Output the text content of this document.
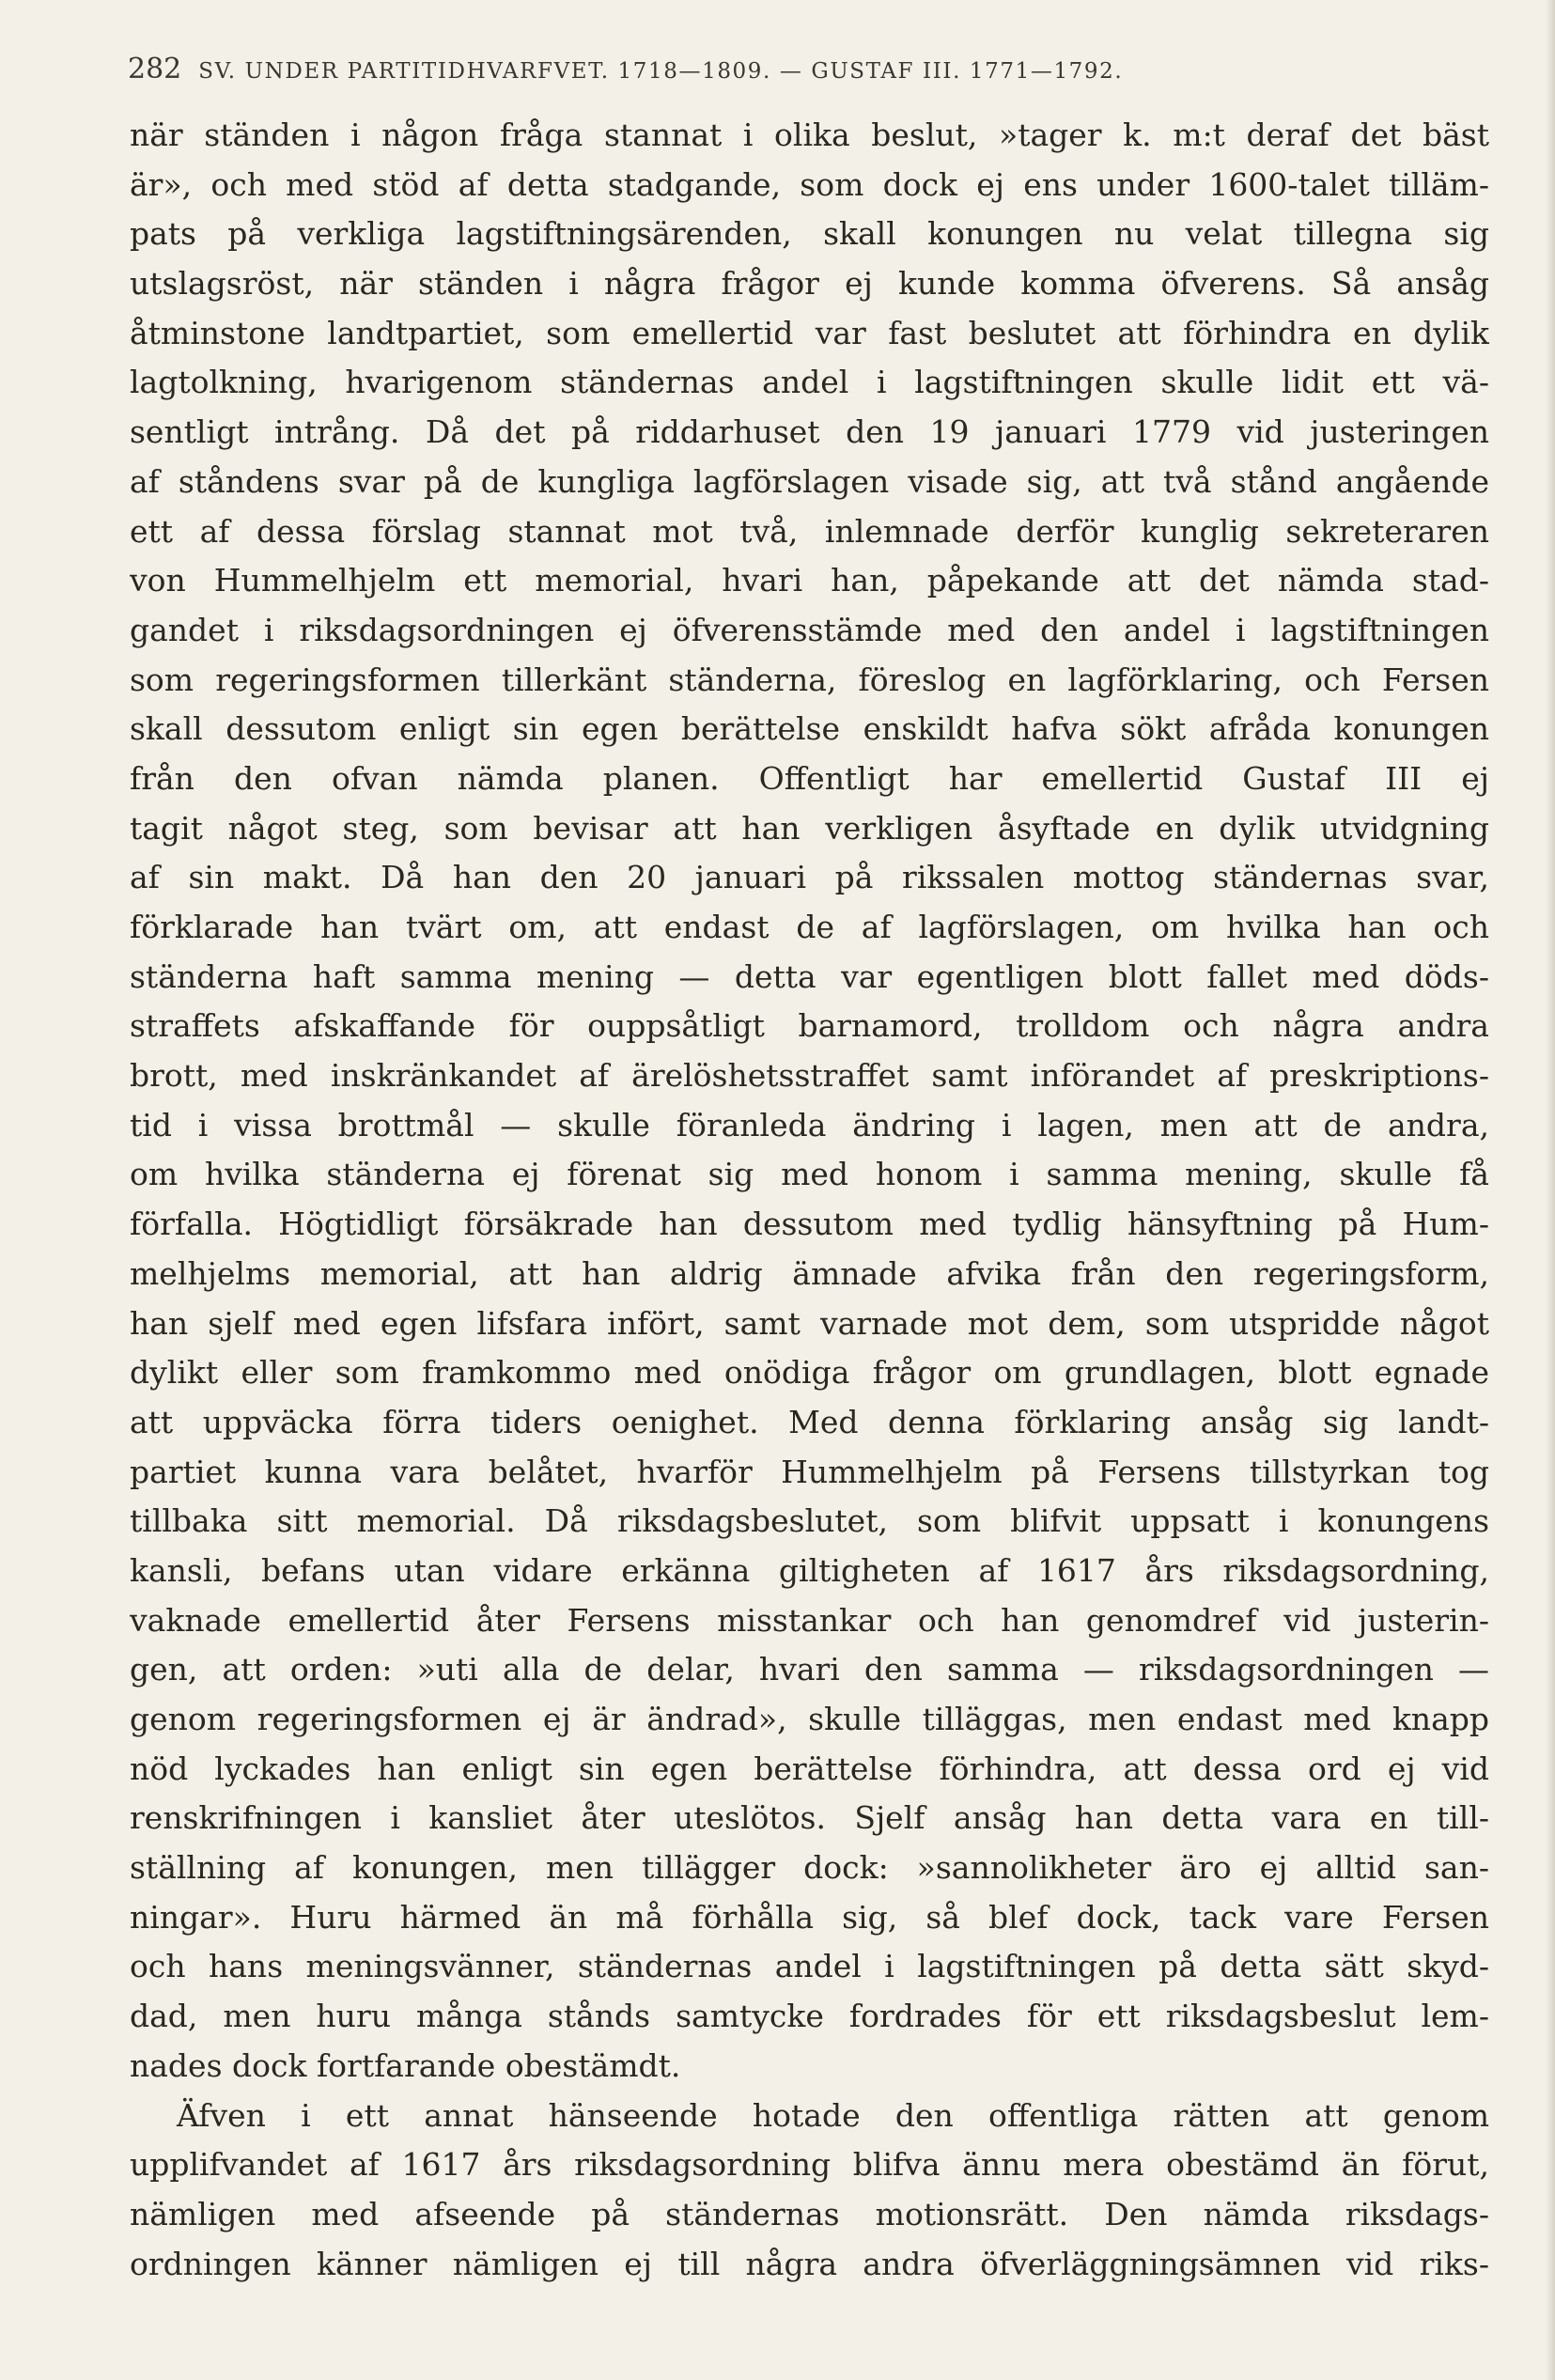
282 SV. UNDER PARTITIDHVARFVET. 1718—1809. — GUSTAF III. 1771—1792.
när ständen i någon fråga stannat i olika beslut, »tager k. m:t deraf det bäst
är», och med stöd af detta stadgande, som dock ej ens under 1600-talet tilläm-
pats på verkliga lagstiftningsärenden, skall konungen nu velat tillegna sig
utslagsröst, när ständen i några frågor ej kunde komma öfverens. Så ansåg
åtminstone landtpartiet, som emellertid var fast beslutet att förhindra en dylik
lagtolkning, hvarigenom ständernas andel i lagstiftningen skulle lidit ett vä-
sentligt intrång. Då det på riddarhuset den 19 januari 1779 vid justeringen
af ståndens svar på de kungliga lagförslagen visade sig, att två stånd angående
ett af dessa förslag stannat mot två, inlemnade derför kunglig sekreteraren
von Hummelhjelm ett memorial, hvari han, påpekande att det nämda stad-
gandet i riksdagsordningen ej öfverensstämde med den andel i lagstiftningen
som regeringsformen tillerkänt ständerna, föreslog en lagförklaring, och Fersen
skall dessutom enligt sin egen berättelse enskildt hafva sökt afråda konungen
från den ofvan nämda planen. Offentligt har emellertid Gustaf III ej
tagit något steg, som bevisar att han verkligen åsyftade en dylik utvidgning
af sin makt. Då han den 20 januari på rikssalen mottog ständernas svar,
förklarade han tvärt om, att endast de af lagförslagen, om hvilka han och
ständerna haft samma mening — detta var egentligen blott fallet med döds-
straffets afskaffande för ouppsåtligt barnamord, trolldom och några andra
brott, med inskränkandet af ärelöshetsstraffet samt införandet af preskriptions-
tid i vissa brottmål — skulle föranleda ändring i lagen, men att de andra,
om hvilka ständerna ej förenat sig med honom i samma mening, skulle få
förfalla. Högtidligt försäkrade han dessutom med tydlig hänsyftning på Hum-
melhjelms memorial, att han aldrig ämnade afvika från den regeringsform,
han sjelf med egen lifsfara infört, samt varnade mot dem, som utspridde något
dylikt eller som framkommo med onödiga frågor om grundlagen, blott egnade
att uppväcka förra tiders oenighet. Med denna förklaring ansåg sig landt-
partiet kunna vara belåtet, hvarför Hummelhjelm på Fersens tillstyrkan tog
tillbaka sitt memorial. Då riksdagsbeslutet, som blifvit uppsatt i konungens
kansli, befans utan vidare erkänna giltigheten af 1617 års riksdagsordning,
vaknade emellertid åter Fersens misstankar och han genomdref vid justerin-
gen, att orden: »uti alla de delar, hvari den samma — riksdagsordningen —
genom regeringsformen ej är ändrad», skulle tilläggas, men endast med knapp
nöd lyckades han enligt sin egen berättelse förhindra, att dessa ord ej vid
renskrifningen i kansliet åter uteslötos. Sjelf ansåg han detta vara en till-
ställning af konungen, men tillägger dock: »sannolikheter äro ej alltid san-
ningar». Huru härmed än må förhålla sig, så blef dock, tack vare Fersen
och hans meningsvänner, ständernas andel i lagstiftningen på detta sätt skyd-
dad, men huru många stånds samtycke fordrades för ett riksdagsbeslut lem-
nades dock fortfarande obestämdt.
Äfven i ett annat hänseende hotade den offentliga rätten att genom
upplifvandet af 1617 års riksdagsordning blifva ännu mera obestämd än förut,
nämligen med afseende på ständernas motionsrätt. Den nämda riksdags-
ordningen känner nämligen ej till några andra öfverläggningsämnen vid riks-
